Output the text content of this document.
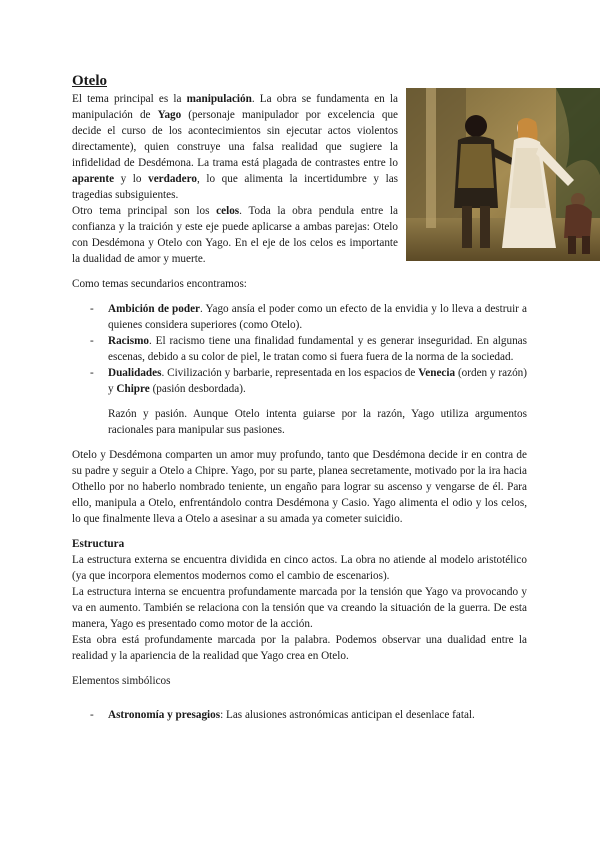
Otelo

El tema principal es la manipulación. La obra se fundamenta en la manipulación de Yago (personaje manipulador por excelencia que decide el curso de los acontecimientos sin ejecutar actos violentos directamente), quien construye una falsa realidad que sugiere la infidelidad de Desdémona. La trama está plagada de contrastes entre lo aparente y lo verdadero, lo que alimenta la incertidumbre y las tragedias subsiguientes.

Otro tema principal son los celos. Toda la obra pendula entre la confianza y la traición y este eje puede aplicarse a ambas parejas: Otelo con Desdémona y Otelo con Yago. En el eje de los celos es importante la dualidad de amor y muerte.

Como temas secundarios encontramos:

- Ambición de poder. Yago ansía el poder como un efecto de la envidia y lo lleva a destruir a quienes considera superiores (como Otelo).
- Racismo. El racismo tiene una finalidad fundamental y es generar inseguridad. En algunas escenas, debido a su color de piel, le tratan como si fuera fuera de la norma de la sociedad.
- Dualidades. Civilización y barbarie, representada en los espacios de Venecia (orden y razón) y Chipre (pasión desbordada).

Razón y pasión. Aunque Otelo intenta guiarse por la razón, Yago utiliza argumentos racionales para manipular sus pasiones.

Otelo y Desdémona comparten un amor muy profundo, tanto que Desdémona decide ir en contra de su padre y seguir a Otelo a Chipre. Yago, por su parte, planea secretamente, motivado por la ira hacia Othello por no haberlo nombrado teniente, un engaño para lograr su ascenso y vengarse de él. Para ello, manipula a Otelo, enfrentándolo contra Desdémona y Casio. Yago alimenta el odio y los celos, lo que finalmente lleva a Otelo a asesinar a su amada ya cometer suicidio.

Estructura

La estructura externa se encuentra dividida en cinco actos. La obra no atiende al modelo aristotélico (ya que incorpora elementos modernos como el cambio de escenarios).

La estructura interna se encuentra profundamente marcada por la tensión que Yago va provocando y va en aumento. También se relaciona con la tensión que va creando la situación de la guerra. De esta manera, Yago es presentado como motor de la acción.

Esta obra está profundamente marcada por la palabra. Podemos observar una dualidad entre la realidad y la apariencia de la realidad que Yago crea en Otelo.

Elementos simbólicos

- Astronomía y presagios: Las alusiones astronómicas anticipan el desenlace fatal.
